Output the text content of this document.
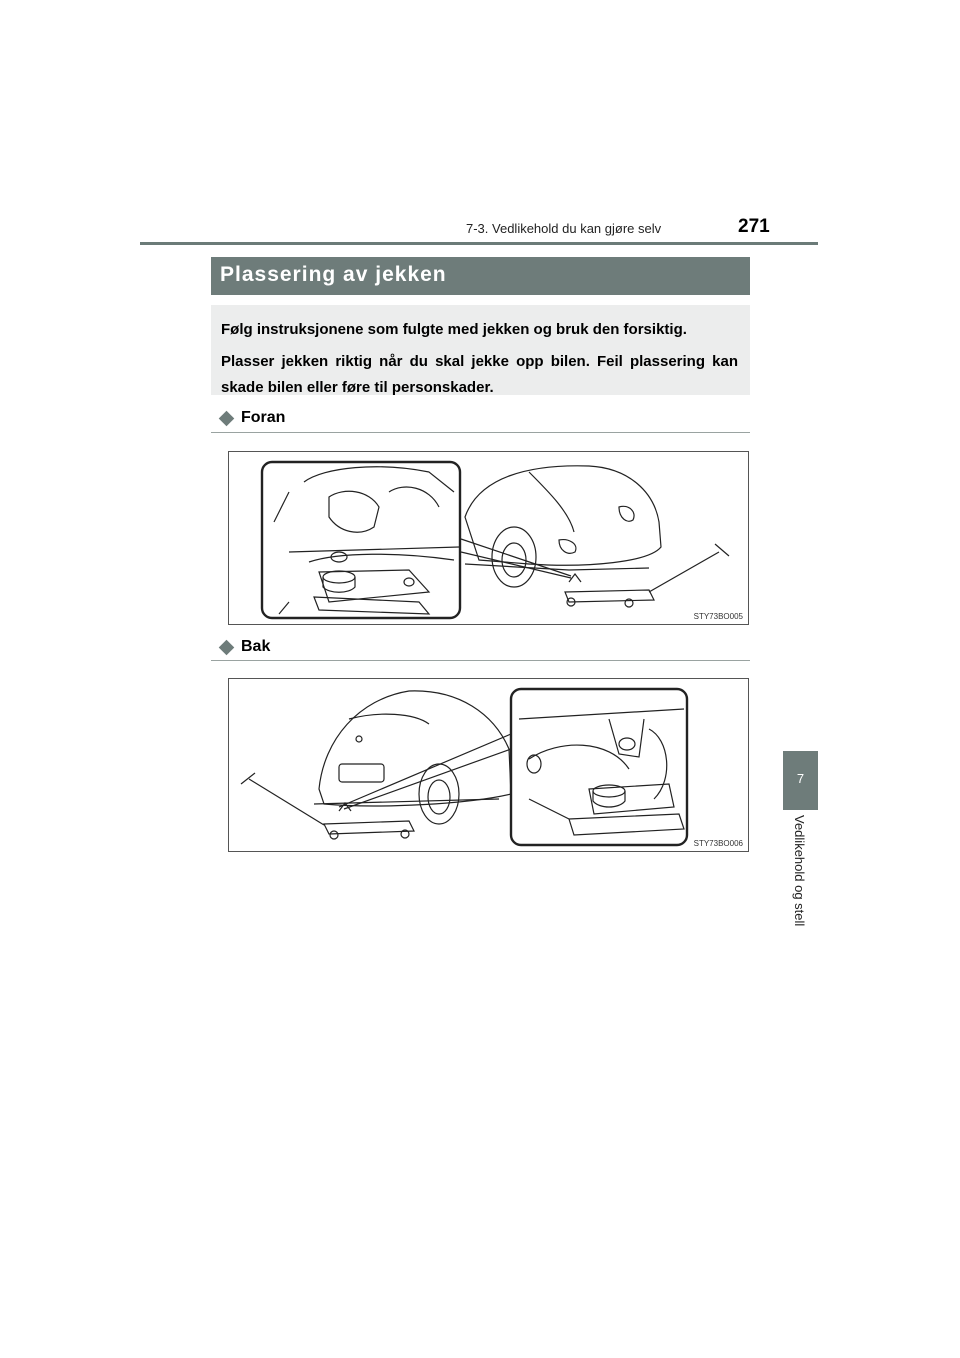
7-3. Vedlikehold du kan gjøre selv	271
Plassering av jekken

Følg instruksjonene som fulgte med jekken og bruk den forsiktig.

Plasser jekken riktig når du skal jekke opp bilen. Feil plassering kan skade bilen eller føre til personskader.

Foran
STY73BO005
Bak
STY73BO006
7
Vedlikehold og stell
